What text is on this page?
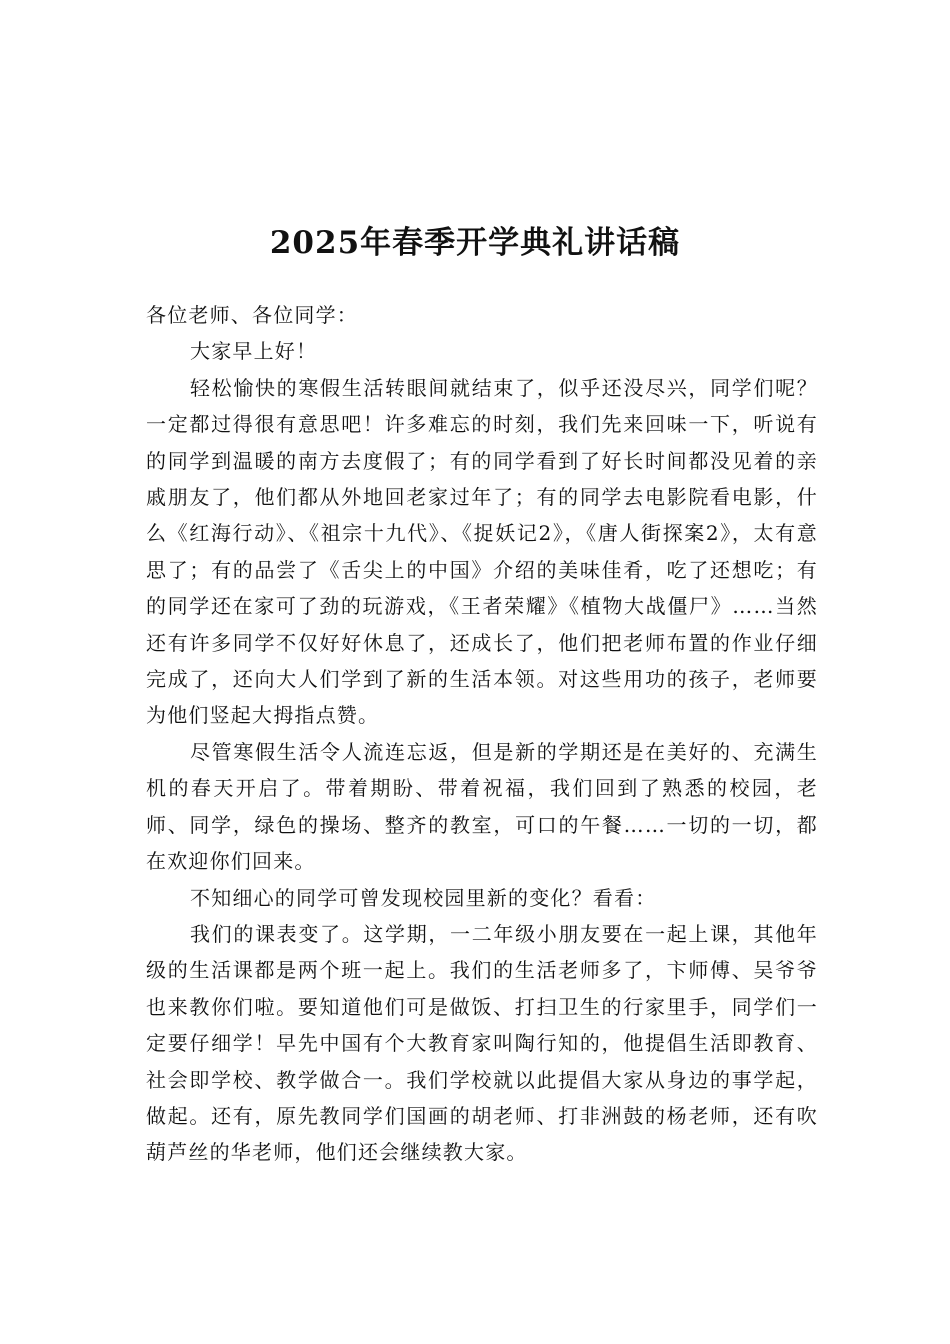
2025年春季开学典礼讲话稿

各位老师、各位同学：

大家早上好！

轻松愉快的寒假生活转眼间就结束了，似乎还没尽兴，同学们呢？一定都过得很有意思吧！许多难忘的时刻，我们先来回味一下，听说有的同学到温暖的南方去度假了；有的同学看到了好长时间都没见着的亲戚朋友了，他们都从外地回老家过年了；有的同学去电影院看电影，什么《红海行动》、《祖宗十九代》、《捉妖记2》，《唐人街探案2》，太有意思了；有的品尝了《舌尖上的中国》介绍的美味佳肴，吃了还想吃；有的同学还在家可了劲的玩游戏，《王者荣耀》《植物大战僵尸》……当然还有许多同学不仅好好休息了，还成长了，他们把老师布置的作业仔细完成了，还向大人们学到了新的生活本领。对这些用功的孩子，老师要为他们竖起大拇指点赞。

尽管寒假生活令人流连忘返，但是新的学期还是在美好的、充满生机的春天开启了。带着期盼、带着祝福，我们回到了熟悉的校园，老师、同学，绿色的操场、整齐的教室，可口的午餐……一切的一切，都在欢迎你们回来。

不知细心的同学可曾发现校园里新的变化？看看：

我们的课表变了。这学期，一二年级小朋友要在一起上课，其他年级的生活课都是两个班一起上。我们的生活老师多了，卞师傅、吴爷爷也来教你们啦。要知道他们可是做饭、打扫卫生的行家里手，同学们一定要仔细学！早先中国有个大教育家叫陶行知的，他提倡生活即教育、社会即学校、教学做合一。我们学校就以此提倡大家从身边的事学起，做起。还有，原先教同学们国画的胡老师、打非洲鼓的杨老师，还有吹葫芦丝的华老师，他们还会继续教大家。
